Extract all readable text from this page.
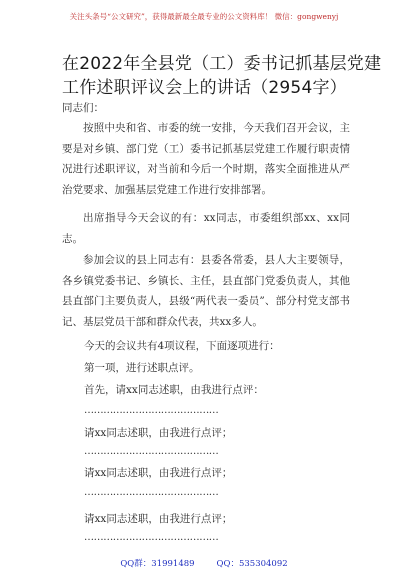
关注头条号“公文研究”，获得最新最全最专业的公文资料库！ 微信：gongwenyj
在2022年全县党（工）委书记抓基层党建工作述职评议会上的讲话（2954字）
同志们：

按照中央和省、市委的统一安排，今天我们召开会议，主要是对乡镇、部门党（工）委书记抓基层党建工作履行职责情况进行述职评议，对当前和今后一个时期，落实全面推进从严治党要求、加强基层党建工作进行安排部署。

出席指导今天会议的有：xx同志，市委组织部xx、xx同志。

参加会议的县上同志有：县委各常委，县人大主要领导，各乡镇党委书记、乡镇长、主任，县直部门党委负责人，其他县直部门主要负责人，县级“两代表一委员”、部分村党支部书记、基层党员干部和群众代表，共xx多人。

今天的会议共有4项议程，下面逐项进行：
第一项，进行述职点评。
首先，请xx同志述职，由我进行点评：
……………………………………
请xx同志述职，由我进行点评；
……………………………………
请xx同志述职，由我进行点评；
……………………………………
请xx同志述职，由我进行点评；
……………………………………
QQ群：31991489	QQ：535304092
